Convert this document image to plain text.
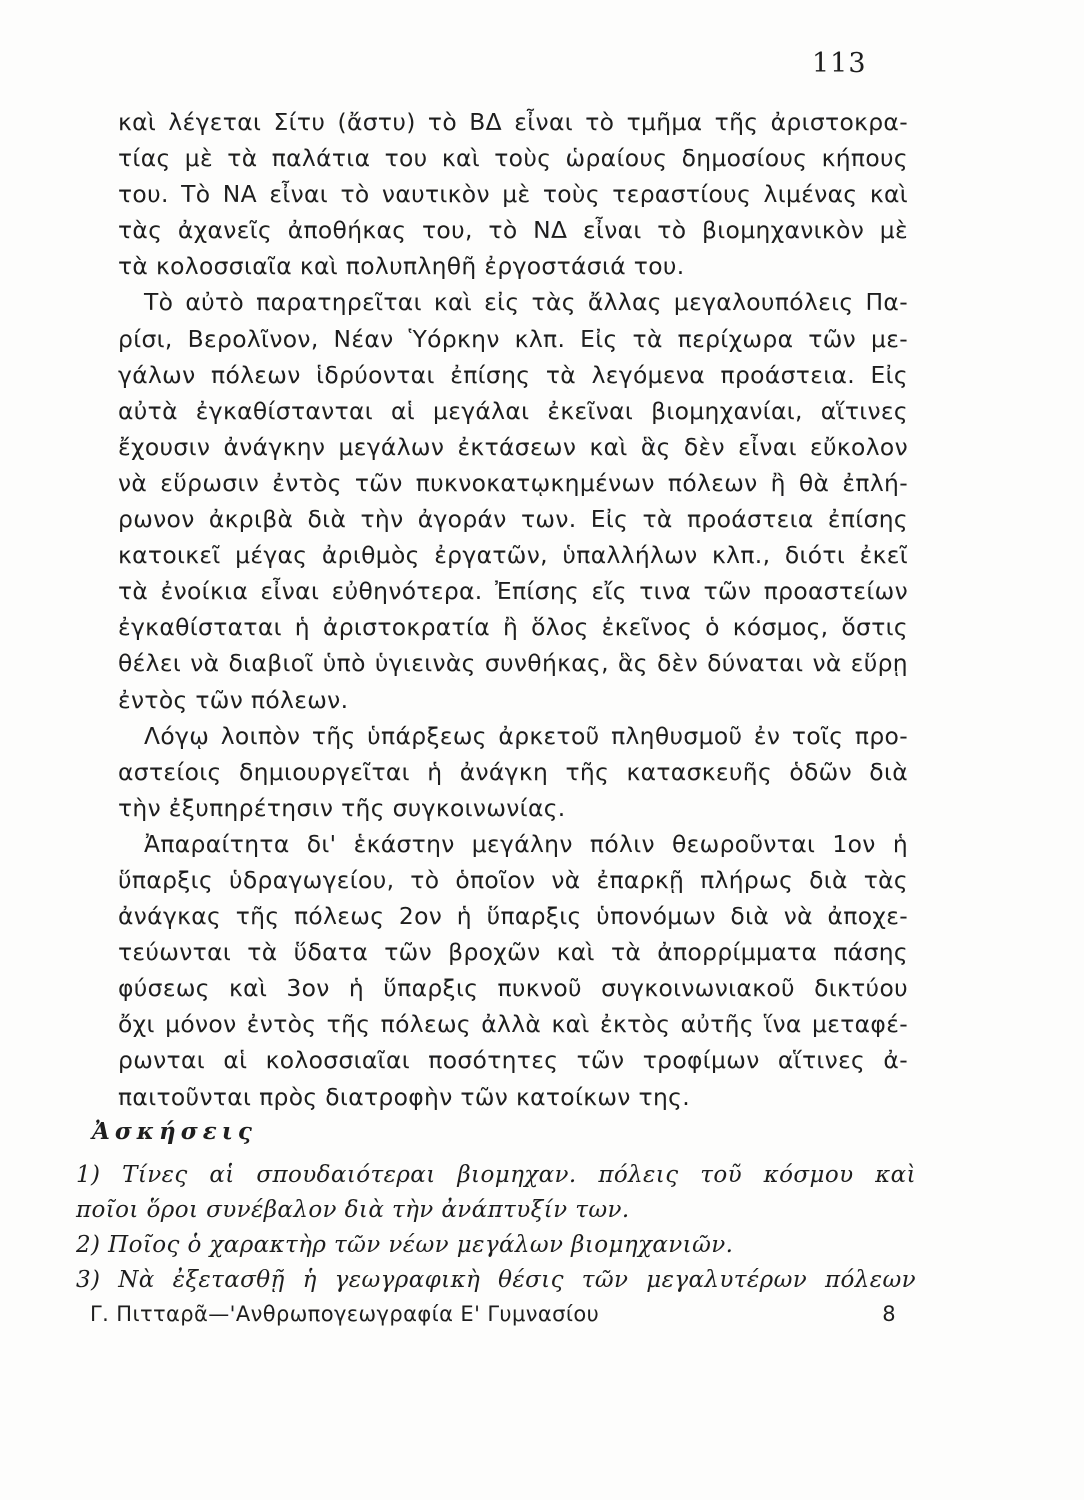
113
καὶ λέγεται Σίτυ (ἄστυ) τὸ ΒΔ εἶναι τὸ τμῆμα τῆς ἀριστοκρα-
τίας μὲ τὰ παλάτια του καὶ τοὺς ὡραίους δημοσίους κήπους
του. Τὸ ΝΑ εἶναι τὸ ναυτικὸν μὲ τοὺς τεραστίους λιμένας καὶ
τὰς ἀχανεῖς ἀποθήκας του, τὸ ΝΔ εἶναι τὸ βιομηχανικὸν μὲ
τὰ κολοσσιαῖα καὶ πολυπληθῆ ἐργοστάσιά του.
Τὸ αὐτὸ παρατηρεῖται καὶ εἰς τὰς ἄλλας μεγαλουπόλεις Πα-
ρίσι, Βερολῖνον, Νέαν Ὑόρκην κλπ. Εἰς τὰ περίχωρα τῶν με-
γάλων πόλεων ἱδρύονται ἐπίσης τὰ λεγόμενα προάστεια. Εἰς
αὐτὰ ἐγκαθίστανται αἱ μεγάλαι ἐκεῖναι βιομηχανίαι, αἵτινες
ἔχουσιν ἀνάγκην μεγάλων ἐκτάσεων καὶ ἃς δὲν εἶναι εὔκολον
νὰ εὕρωσιν ἐντὸς τῶν πυκνοκατῳκημένων πόλεων ἢ θὰ ἐπλή-
ρωνον ἀκριβὰ διὰ τὴν ἀγοράν των. Εἰς τὰ προάστεια ἐπίσης
κατοικεῖ μέγας ἀριθμὸς ἐργατῶν, ὑπαλλήλων κλπ., διότι ἐκεῖ
τὰ ἐνοίκια εἶναι εὐθηνότερα. Ἐπίσης εἴς τινα τῶν προαστείων
ἐγκαθίσταται ἡ ἀριστοκρατία ἢ ὅλος ἐκεῖνος ὁ κόσμος, ὅστις
θέλει νὰ διαβιοῖ ὑπὸ ὑγιεινὰς συνθήκας, ἃς δὲν δύναται νὰ εὕρῃ
ἐντὸς τῶν πόλεων.
Λόγῳ λοιπὸν τῆς ὑπάρξεως ἀρκετοῦ πληθυσμοῦ ἐν τοῖς προ-
αστείοις δημιουργεῖται ἡ ἀνάγκη τῆς κατασκευῆς ὁδῶν διὰ
τὴν ἐξυπηρέτησιν τῆς συγκοινωνίας.
Ἀπαραίτητα δι' ἑκάστην μεγάλην πόλιν θεωροῦνται 1ον ἡ
ὕπαρξις ὑδραγωγείου, τὸ ὁποῖον νὰ ἐπαρκῇ πλήρως διὰ τὰς
ἀνάγκας τῆς πόλεως 2ον ἡ ὕπαρξις ὑπονόμων διὰ νὰ ἀποχε-
τεύωνται τὰ ὕδατα τῶν βροχῶν καὶ τὰ ἀπορρίμματα πάσης
φύσεως καὶ 3ον ἡ ὕπαρξις πυκνοῦ συγκοινωνιακοῦ δικτύου
ὄχι μόνον ἐντὸς τῆς πόλεως ἀλλὰ καὶ ἐκτὸς αὐτῆς ἵνα μεταφέ-
ρωνται αἱ κολοσσιαῖαι ποσότητες τῶν τροφίμων αἵτινες ἀ-
παιτοῦνται πρὸς διατροφὴν τῶν κατοίκων της.
Ἀσκήσεις
1) Τίνες αἱ σπουδαιότεραι βιομηχαν. πόλεις τοῦ κόσμου καὶ
ποῖοι ὅροι συνέβαλον διὰ τὴν ἀνάπτυξίν των.
2) Ποῖος ὁ χαρακτὴρ τῶν νέων μεγάλων βιομηχανιῶν.
3) Νὰ ἐξετασθῇ ἡ γεωγραφικὴ θέσις τῶν μεγαλυτέρων πόλεων
Γ. Πιτταρᾶ—'Ανθρωπογεωγραφία Ε' Γυμνασίου	8
